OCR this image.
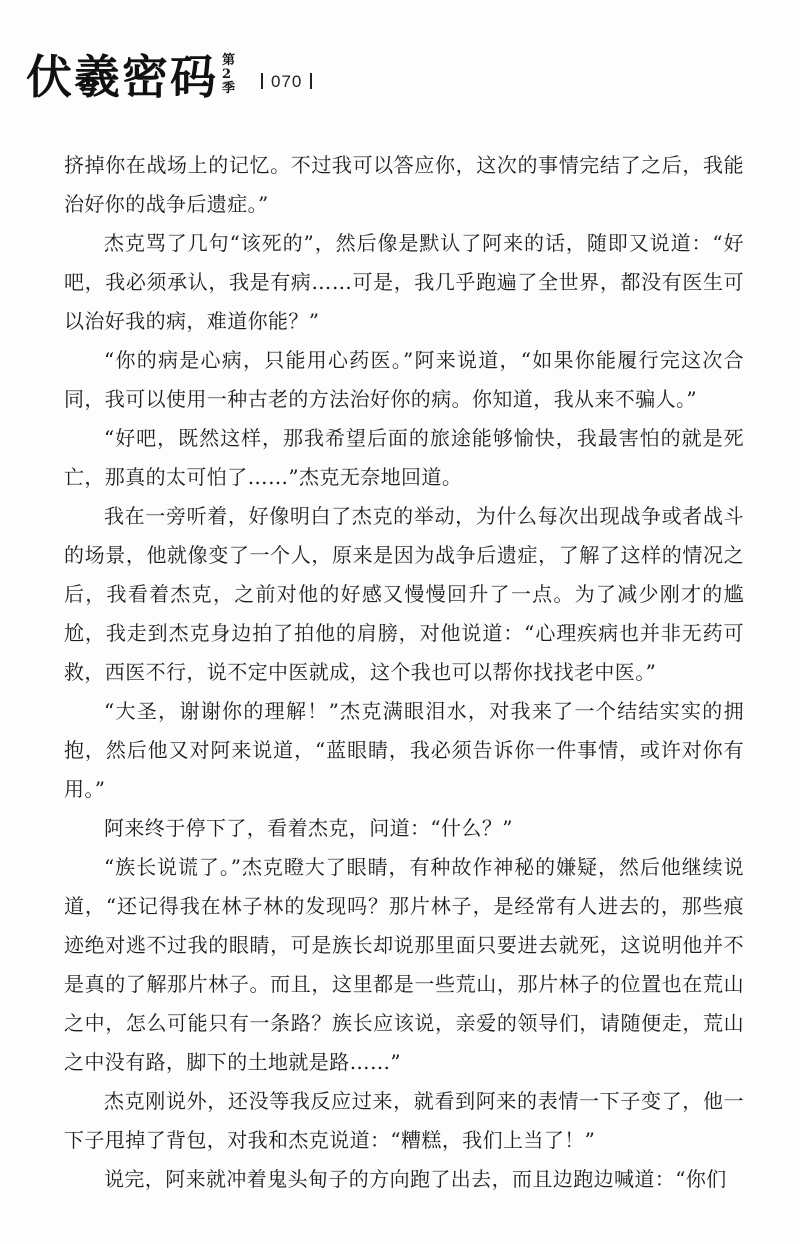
伏羲密码 第
2
季	070

挤掉你在战场上的记忆。不过我可以答应你，这次的事情完结了之后，我能治好你的战争后遗症。”

杰克骂了几句“该死的”，然后像是默认了阿来的话，随即又说道：“好吧，我必须承认，我是有病……可是，我几乎跑遍了全世界，都没有医生可以治好我的病，难道你能？”

“你的病是心病，只能用心药医。”阿来说道，“如果你能履行完这次合同，我可以使用一种古老的方法治好你的病。你知道，我从来不骗人。”

“好吧，既然这样，那我希望后面的旅途能够愉快，我最害怕的就是死亡，那真的太可怕了……”杰克无奈地回道。

我在一旁听着，好像明白了杰克的举动，为什么每次出现战争或者战斗的场景，他就像变了一个人，原来是因为战争后遗症，了解了这样的情况之后，我看着杰克，之前对他的好感又慢慢回升了一点。为了减少刚才的尴尬，我走到杰克身边拍了拍他的肩膀，对他说道：“心理疾病也并非无药可救，西医不行，说不定中医就成，这个我也可以帮你找找老中医。”

“大圣，谢谢你的理解！”杰克满眼泪水，对我来了一个结结实实的拥抱，然后他又对阿来说道，“蓝眼睛，我必须告诉你一件事情，或许对你有用。”

阿来终于停下了，看着杰克，问道：“什么？”

“族长说谎了。”杰克瞪大了眼睛，有种故作神秘的嫌疑，然后他继续说道，“还记得我在林子林的发现吗？那片林子，是经常有人进去的，那些痕迹绝对逃不过我的眼睛，可是族长却说那里面只要进去就死，这说明他并不是真的了解那片林子。而且，这里都是一些荒山，那片林子的位置也在荒山之中，怎么可能只有一条路？族长应该说，亲爱的领导们，请随便走，荒山之中没有路，脚下的土地就是路……”

杰克刚说外，还没等我反应过来，就看到阿来的表情一下子变了，他一下子甩掉了背包，对我和杰克说道：“糟糕，我们上当了！”

说完，阿来就冲着鬼头甸子的方向跑了出去，而且边跑边喊道：“你们
